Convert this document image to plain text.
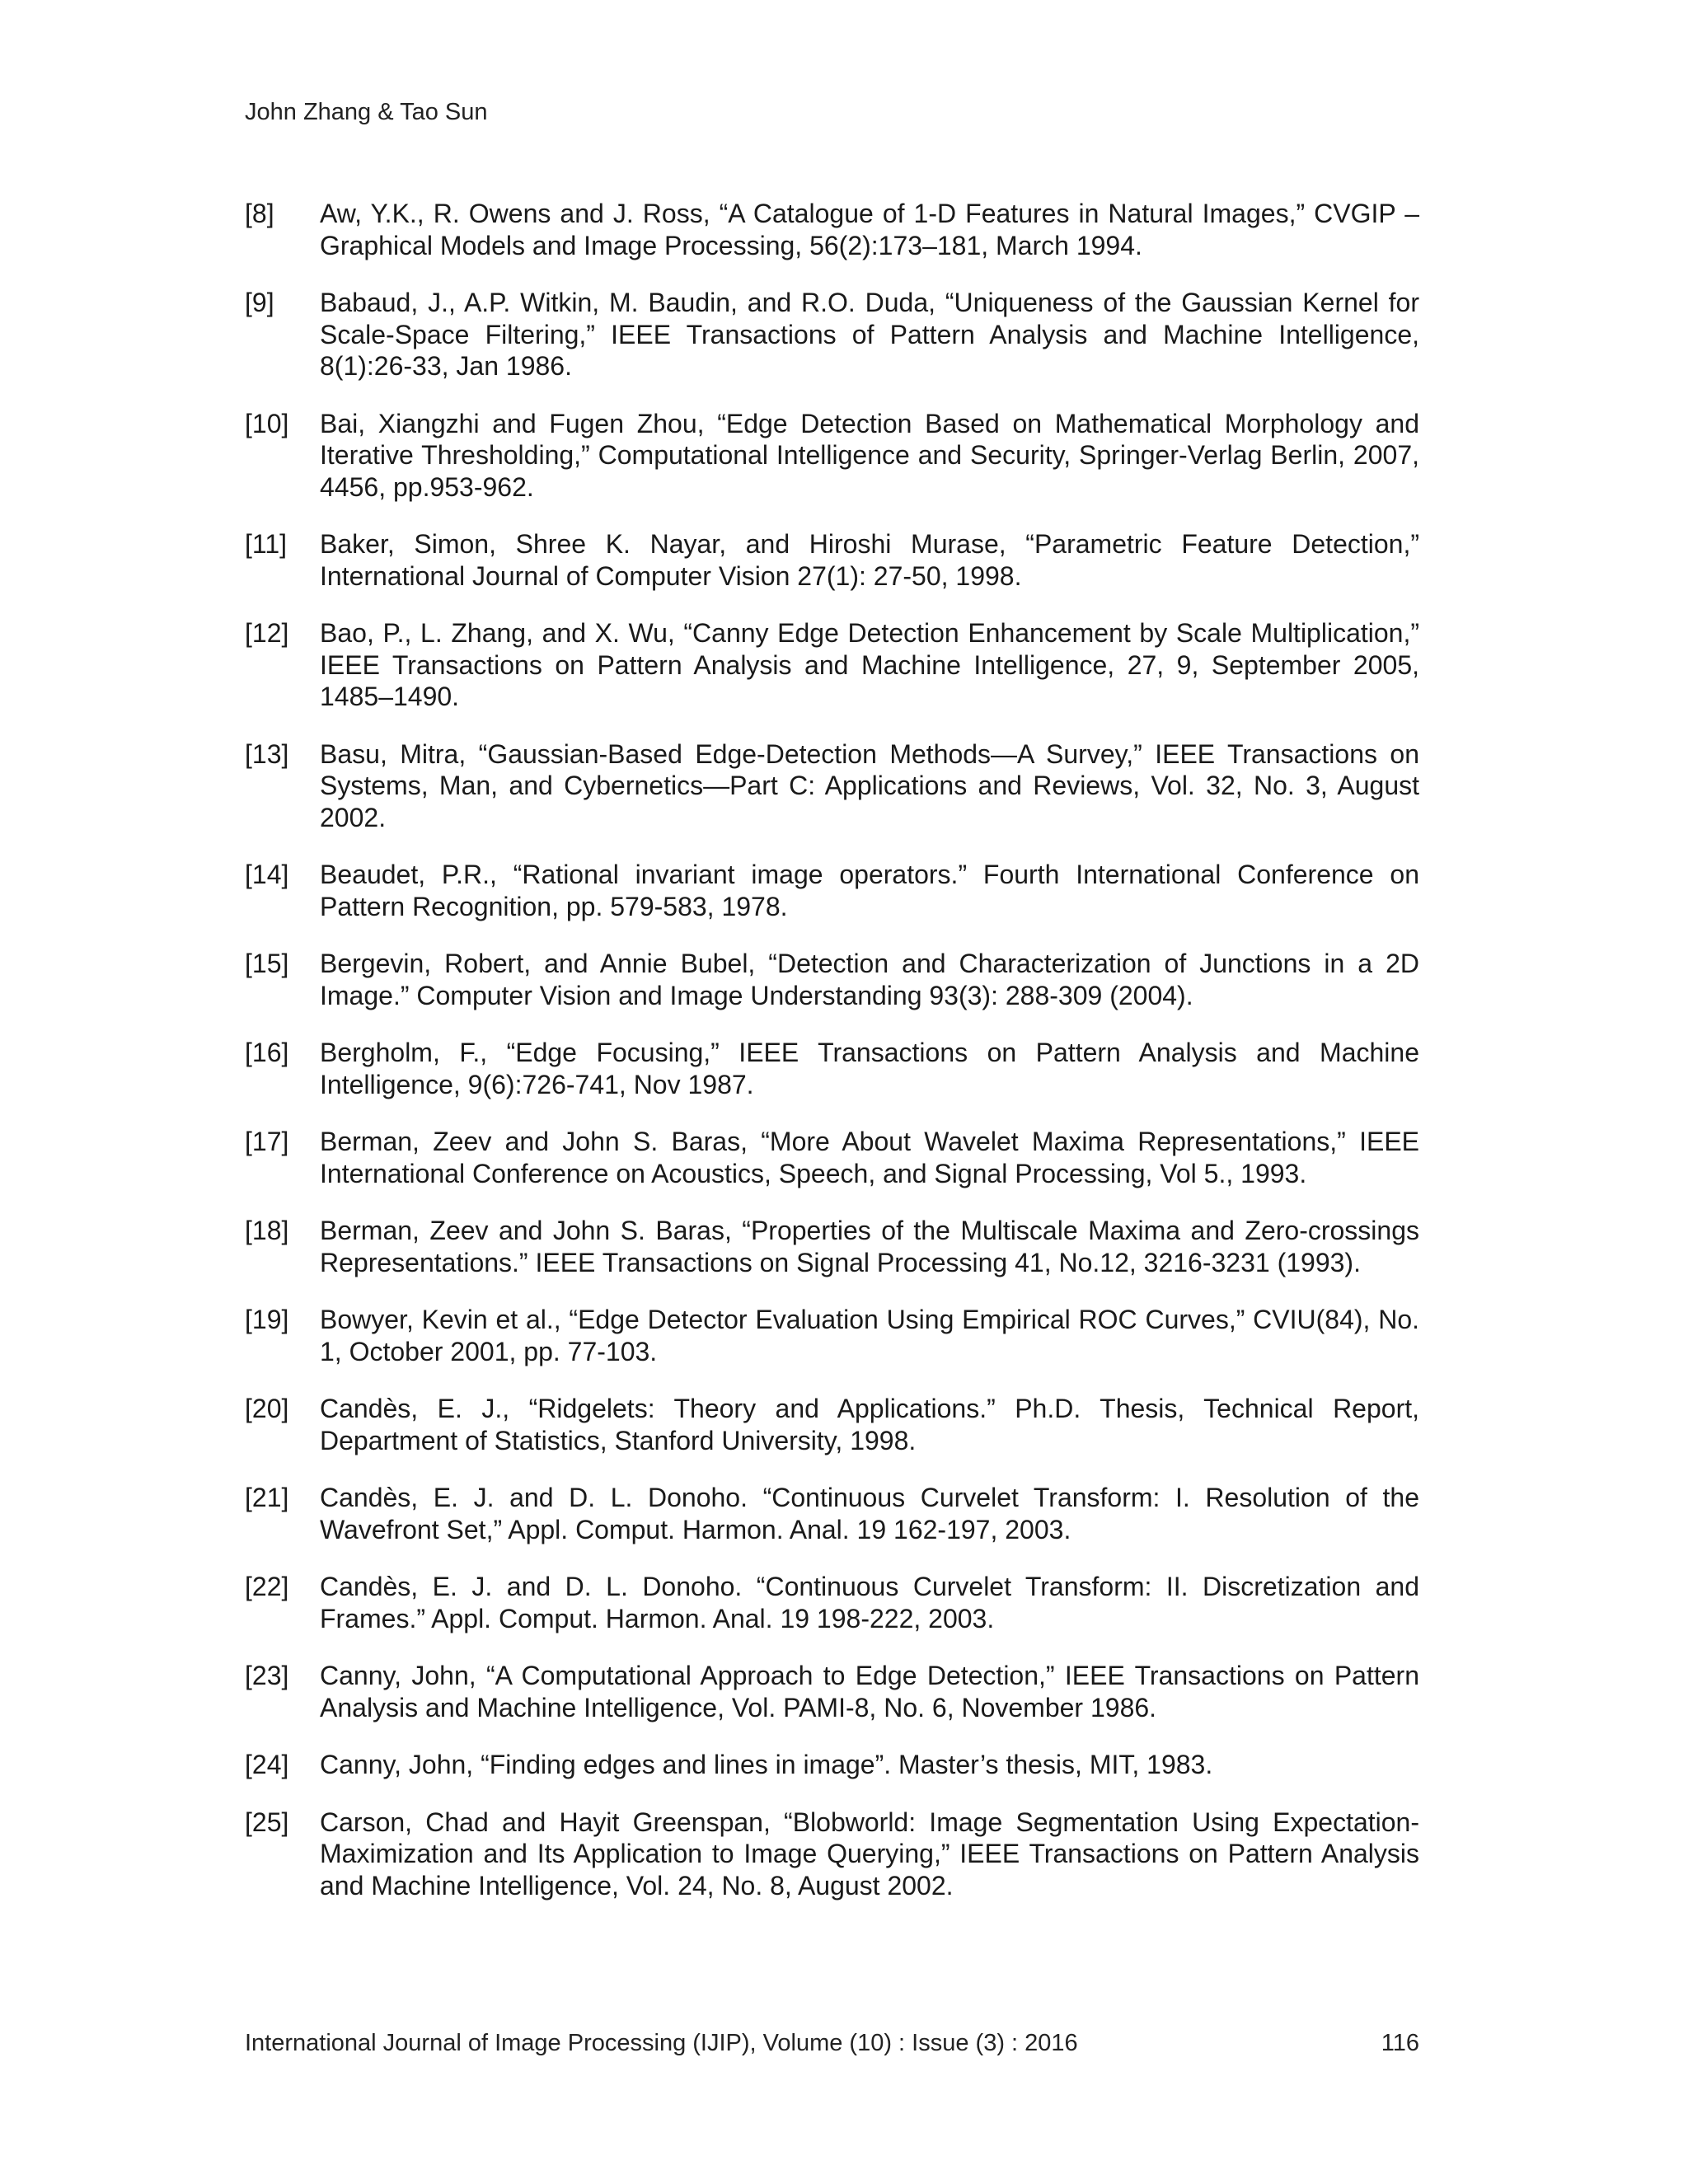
John Zhang & Tao Sun
[8]	Aw, Y.K., R. Owens and J. Ross, “A Catalogue of 1-D Features in Natural Images,” CVGIP – Graphical Models and Image Processing, 56(2):173–181, March 1994.
[9]	Babaud, J., A.P. Witkin, M. Baudin, and R.O. Duda, “Uniqueness of the Gaussian Kernel for Scale-Space Filtering,” IEEE Transactions of Pattern Analysis and Machine Intelligence, 8(1):26-33, Jan 1986.
[10]	Bai, Xiangzhi and Fugen Zhou, “Edge Detection Based on Mathematical Morphology and Iterative Thresholding,” Computational Intelligence and Security, Springer-Verlag Berlin, 2007, 4456, pp.953-962.
[11]	Baker, Simon, Shree K. Nayar, and Hiroshi Murase, “Parametric Feature Detection,” International Journal of Computer Vision 27(1): 27-50, 1998.
[12]	Bao, P., L. Zhang, and X. Wu, “Canny Edge Detection Enhancement by Scale Multiplication,” IEEE Transactions on Pattern Analysis and Machine Intelligence, 27, 9, September 2005, 1485–1490.
[13]	Basu, Mitra, “Gaussian-Based Edge-Detection Methods—A Survey,” IEEE Transactions on Systems, Man, and Cybernetics—Part C: Applications and Reviews, Vol. 32, No. 3, August 2002.
[14]	Beaudet, P.R., “Rational invariant image operators.” Fourth International Conference on Pattern Recognition, pp. 579-583, 1978.
[15]	Bergevin, Robert, and Annie Bubel, “Detection and Characterization of Junctions in a 2D Image.” Computer Vision and Image Understanding 93(3): 288-309 (2004).
[16]	Bergholm, F., “Edge Focusing,” IEEE Transactions on Pattern Analysis and Machine Intelligence, 9(6):726-741, Nov 1987.
[17]	Berman, Zeev and John S. Baras, “More About Wavelet Maxima Representations,” IEEE International Conference on Acoustics, Speech, and Signal Processing, Vol 5., 1993.
[18]	Berman, Zeev and John S. Baras, “Properties of the Multiscale Maxima and Zero-crossings Representations.” IEEE Transactions on Signal Processing 41, No.12, 3216-3231 (1993).
[19]	Bowyer, Kevin et al., “Edge Detector Evaluation Using Empirical ROC Curves,” CVIU(84), No. 1, October 2001, pp. 77-103.
[20]	Candès, E. J., “Ridgelets: Theory and Applications.” Ph.D. Thesis, Technical Report, Department of Statistics, Stanford University, 1998.
[21]	Candès, E. J. and D. L. Donoho. “Continuous Curvelet Transform: I. Resolution of the Wavefront Set,” Appl. Comput. Harmon. Anal. 19 162-197, 2003.
[22]	Candès, E. J. and D. L. Donoho. “Continuous Curvelet Transform: II. Discretization and Frames.” Appl. Comput. Harmon. Anal. 19 198-222, 2003.
[23]	Canny, John, “A Computational Approach to Edge Detection,” IEEE Transactions on Pattern Analysis and Machine Intelligence, Vol. PAMI-8, No. 6, November 1986.
[24]	Canny, John, “Finding edges and lines in image”. Master’s thesis, MIT, 1983.
[25]	Carson, Chad and Hayit Greenspan, “Blobworld: Image Segmentation Using Expectation-Maximization and Its Application to Image Querying,” IEEE Transactions on Pattern Analysis and Machine Intelligence, Vol. 24, No. 8, August 2002.
International Journal of Image Processing (IJIP), Volume (10) : Issue (3) : 2016	116
